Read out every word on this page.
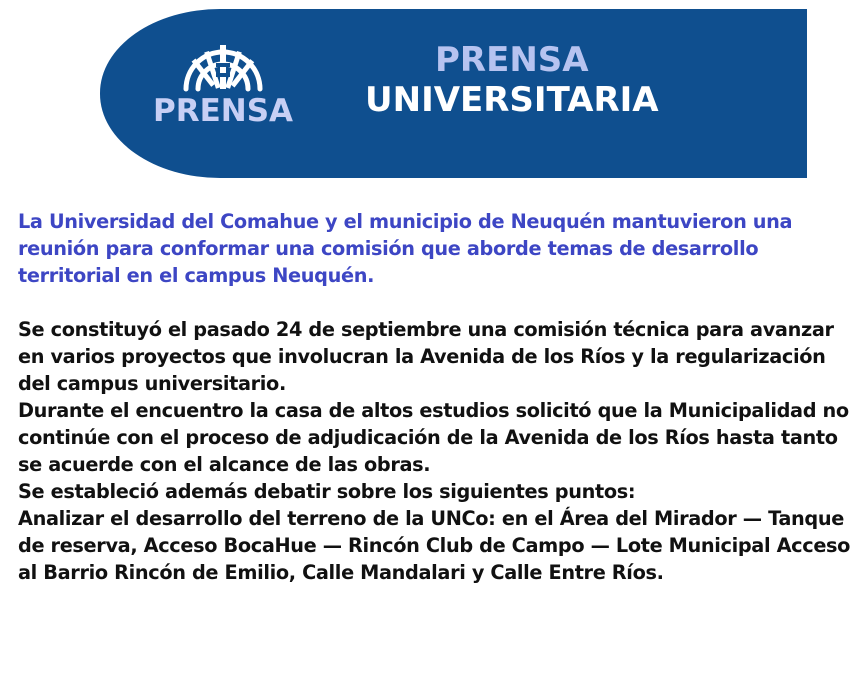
PRENSA
PRENSA
UNIVERSITARIA

La Universidad del Comahue y el municipio de Neuquén mantuvieron una reunión para conformar una comisión que aborde temas de desarrollo territorial en el campus Neuquén.

Se constituyó el pasado 24 de septiembre una comisión técnica para avanzar en varios proyectos que involucran la Avenida de los Ríos y la regularización del campus universitario.

Durante el encuentro la casa de altos estudios solicitó que la Municipalidad no continúe con el proceso de adjudicación de la Avenida de los Ríos hasta tanto se acuerde con el alcance de las obras.

Se estableció además debatir sobre los siguientes puntos:

Analizar el desarrollo del terreno de la UNCo: en el Área del Mirador — Tanque de reserva, Acceso BocaHue — Rincón Club de Campo — Lote Municipal Acceso al Barrio Rincón de Emilio, Calle Mandalari y Calle Entre Ríos.
